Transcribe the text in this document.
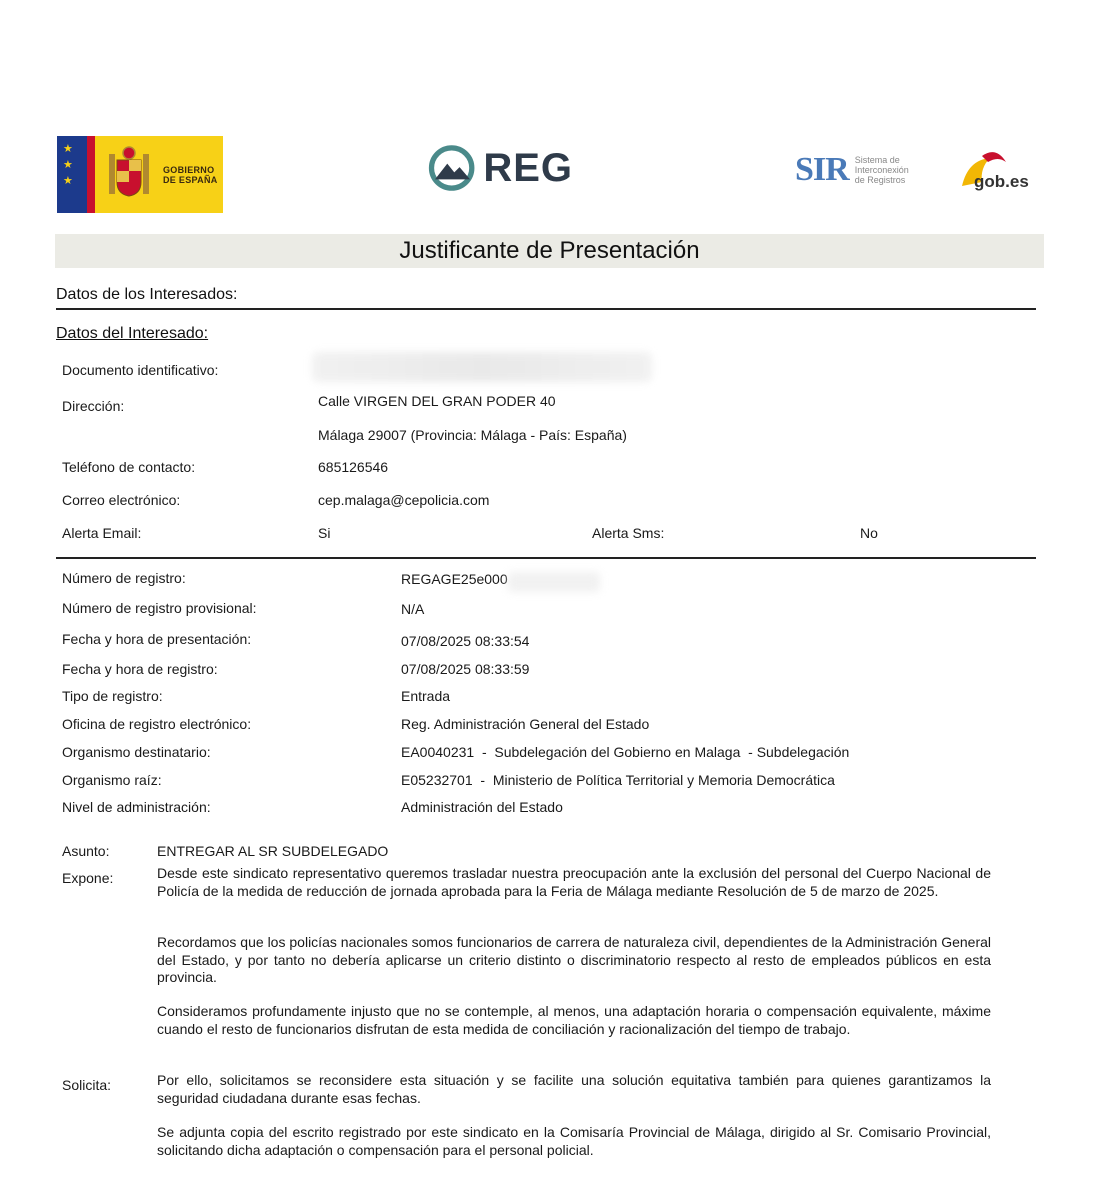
★
★
★
GOBIERNO
DE ESPAÑA	REG	SIR Sistema de
Interconexión
de Registros	gob.es
Justificante de Presentación
Datos de los Interesados:
Datos del Interesado:
Documento identificativo:
Dirección:	Calle VIRGEN DEL GRAN PODER 40
Málaga 29007 (Provincia: Málaga - País: España)
Teléfono de contacto:	685126546
Correo electrónico:	cep.malaga@cepolicia.com
Alerta Email:	Si	Alerta Sms:	No
Número de registro:	REGAGE25e000
Número de registro provisional:	N/A
Fecha y hora de presentación:	07/08/2025 08:33:54
Fecha y hora de registro:	07/08/2025 08:33:59
Tipo de registro:	Entrada
Oficina de registro electrónico:	Reg. Administración General del Estado
Organismo destinatario:	EA0040231  -  Subdelegación del Gobierno en Malaga  - Subdelegación
Organismo raíz:	E05232701  -  Ministerio de Política Territorial y Memoria Democrática
Nivel de administración:	Administración del Estado
Asunto:	ENTREGAR AL SR SUBDELEGADO
Expone:	Desde este sindicato representativo queremos trasladar nuestra preocupación ante la exclusión del personal del Cuerpo Nacional de Policía de la medida de reducción de jornada aprobada para la Feria de Málaga mediante Resolución de 5 de marzo de 2025.
Recordamos que los policías nacionales somos funcionarios de carrera de naturaleza civil, dependientes de la Administración General del Estado, y por tanto no debería aplicarse un criterio distinto o discriminatorio respecto al resto de empleados públicos en esta provincia.
Consideramos profundamente injusto que no se contemple, al menos, una adaptación horaria o compensación equivalente, máxime cuando el resto de funcionarios disfrutan de esta medida de conciliación y racionalización del tiempo de trabajo.
Solicita:	Por ello, solicitamos se reconsidere esta situación y se facilite una solución equitativa también para quienes garantizamos la seguridad ciudadana durante esas fechas.
Se adjunta copia del escrito registrado por este sindicato en la Comisaría Provincial de Málaga, dirigido al Sr. Comisario Provincial, solicitando dicha adaptación o compensación para el personal policial.
